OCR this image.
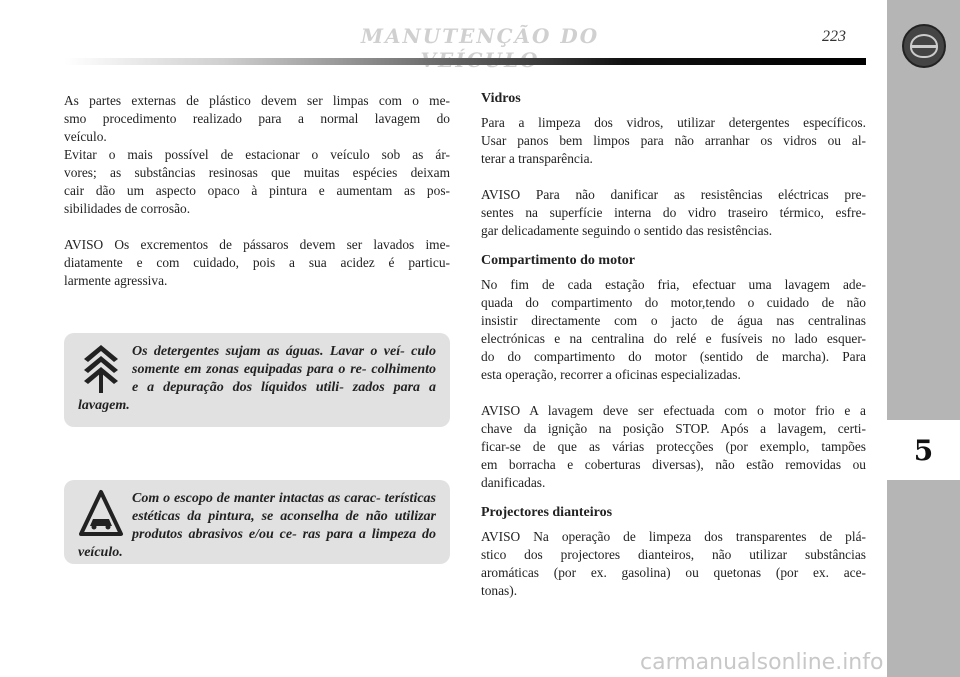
MANUTENÇÃO DO	223
5
As partes externas de plástico devem ser limpas com o me-
smo procedimento realizado para a normal lavagem do
veículo.
Evitar o mais possível de estacionar o veículo sob as ár-
vores; as substâncias resinosas que muitas espécies deixam
cair dão um aspecto opaco à pintura e aumentam as pos-
sibilidades de corrosão.
AVISO Os excrementos de pássaros devem ser lavados ime-
diatamente e com cuidado, pois a sua acidez é particu-
larmente agressiva.
Os detergentes sujam as águas. Lavar o veí- culo somente em zonas equipadas para o re- colhimento e a depuração dos líquidos utili- zados para a lavagem.
Com o escopo de manter intactas as carac- terísticas estéticas da pintura, se aconselha de não utilizar produtos abrasivos e/ou ce- ras para a limpeza do veículo.
Vidros
Para a limpeza dos vidros, utilizar detergentes específicos.
Usar panos bem limpos para não arranhar os vidros ou al-
terar a transparência.
AVISO Para não danificar as resistências eléctricas pre-
sentes na superfície interna do vidro traseiro térmico, esfre-
gar delicadamente seguindo o sentido das resistências.
Compartimento do motor
No fim de cada estação fria, efectuar uma lavagem ade-
quada do compartimento do motor,tendo o cuidado de não
insistir directamente com o jacto de água nas centralinas
electrónicas e na centralina do relé e fusíveis no lado esquer-
do do compartimento do motor (sentido de marcha). Para
esta operação, recorrer a oficinas especializadas.
AVISO A lavagem deve ser efectuada com o motor frio e a
chave da ignição na posição STOP. Após a lavagem, certi-
ficar-se de que as várias protecções (por exemplo, tampões
em borracha e coberturas diversas), não estão removidas ou
danificadas.
Projectores dianteiros
AVISO Na operação de limpeza dos transparentes de plá-
stico dos projectores dianteiros, não utilizar substâncias
aromáticas (por ex. gasolina) ou quetonas (por ex. ace-
tonas).
carmanualsonline.info
